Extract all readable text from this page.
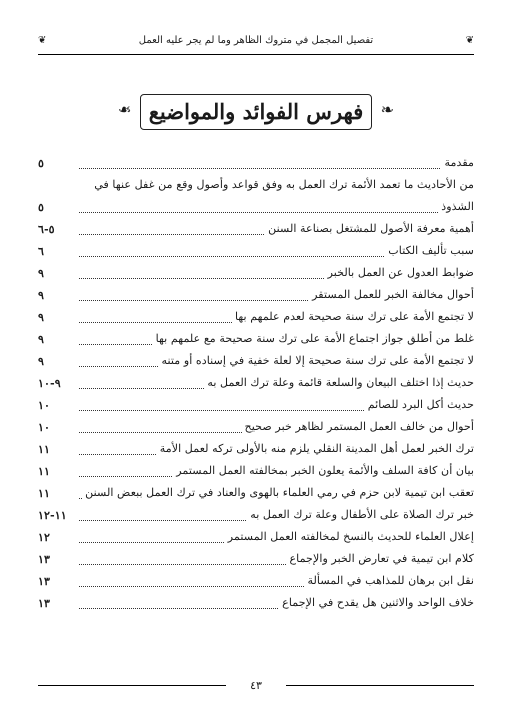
تفصيل المجمل في متروك الظاهر وما لم يجر عليه العمل	❦
❦
❧
فهرس الفوائد والمواضيع
❧
مقدمة
٥
من الأحاديث ما تعمد الأئمة ترك العمل به وفق قواعد وأصول وقع من غفل عنها في
الشذوذ
٥
أهمية معرفة الأصول للمشتغل بصناعة السنن
٥-٦
سبب تأليف الكتاب
٦
ضوابط العدول عن العمل بالخبر
٩
أحوال مخالفة الخبر للعمل المستقر
٩
لا تجتمع الأمة على ترك سنة صحيحة لعدم علمهم بها
٩
غلط من أطلق جواز اجتماع الأمة على ترك سنة صحيحة مع علمهم بها
٩
لا تجتمع الأمة على ترك سنة صحيحة إلا لعلة خفية في إسناده أو متنه
٩
حديث إذا اختلف البيعان والسلعة قائمة وعلة ترك العمل به
٩-١٠
حديث أكل البرد للصائم
١٠
أحوال من خالف العمل المستمر لظاهر خبر صحيح
١٠
ترك الخبر لعمل أهل المدينة النقلي يلزم منه بالأولى تركه لعمل الأمة
١١
بيان أن كافة السلف والأئمة يعلون الخبر بمخالفته العمل المستمر
١١
تعقب ابن تيمية لابن حزم في رمي العلماء بالهوى والعناد في ترك العمل ببعض السنن
١١
خبر ترك الصلاة على الأطفال وعلة ترك العمل به
١١-١٢
إعلال العلماء للحديث بالنسخ لمخالفته العمل المستمر
١٢
كلام ابن تيمية في تعارض الخبر والإجماع
١٣
نقل ابن برهان للمذاهب في المسألة
١٣
خلاف الواحد والاثنين هل يقدح في الإجماع
١٣
٤٣
